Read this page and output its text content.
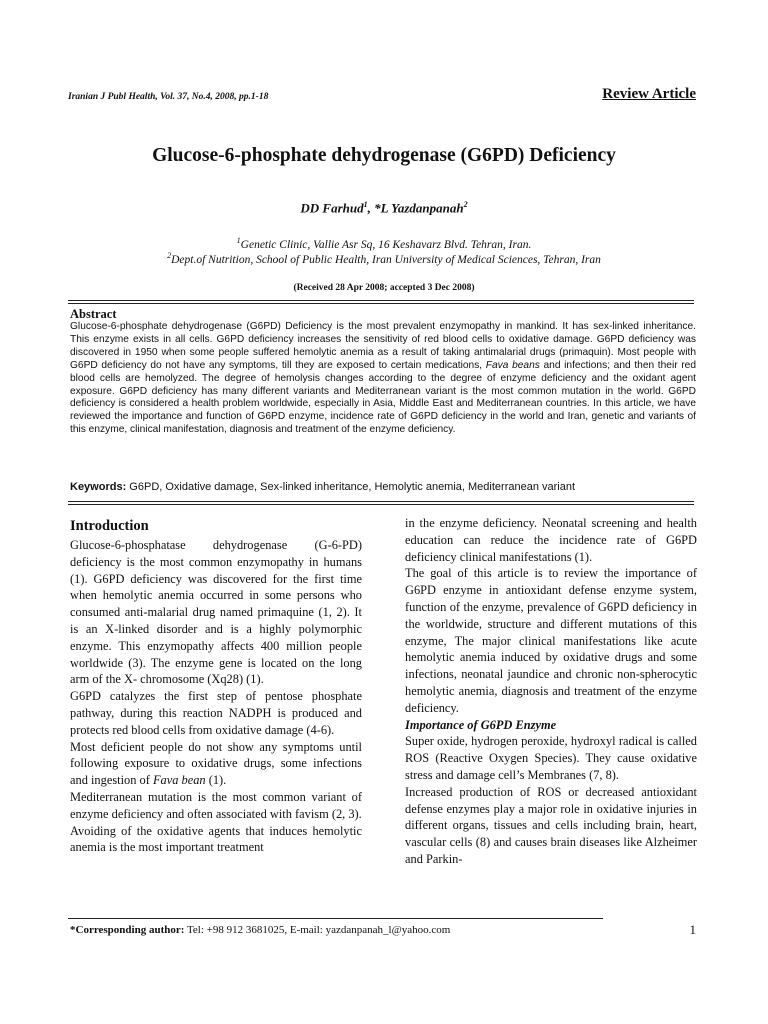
Iranian J Publ Health, Vol. 37, No.4, 2008, pp.1-18	Review Article
Glucose-6-phosphate dehydrogenase (G6PD) Deficiency
DD Farhud$^1$, *L Yazdanpanah$^2$
$^1$Genetic Clinic, Vallie Asr Sq, 16 Keshavarz Blvd. Tehran, Iran.
$^2$Dept.of Nutrition, School of Public Health, Iran University of Medical Sciences, Tehran, Iran
(Received 28 Apr 2008; accepted 3 Dec 2008)
Abstract
Glucose-6-phosphate dehydrogenase (G6PD) Deficiency is the most prevalent enzymopathy in mankind. It has sex-linked inheritance. This enzyme exists in all cells. G6PD deficiency increases the sensitivity of red blood cells to oxidative damage. G6PD deficiency was discovered in 1950 when some people suffered hemolytic anemia as a result of taking antimalarial drugs (primaquin). Most people with G6PD deficiency do not have any symptoms, till they are exposed to certain medications, Fava beans and infections; and then their red blood cells are hemolyzed. The degree of hemolysis changes according to the degree of enzyme deficiency and the oxidant agent exposure. G6PD deficiency has many different variants and Mediterranean variant is the most common mutation in the world. G6PD deficiency is considered a health problem worldwide, especially in Asia, Middle East and Mediterranean countries. In this article, we have reviewed the importance and function of G6PD enzyme, incidence rate of G6PD deficiency in the world and Iran, genetic and variants of this enzyme, clinical manifestation, diagnosis and treatment of the enzyme deficiency.
Keywords: G6PD, Oxidative damage, Sex-linked inheritance, Hemolytic anemia, Mediterranean variant
Introduction

Glucose-6-phosphatase dehydrogenase (G-6-PD) deficiency is the most common enzymopathy in humans (1). G6PD deficiency was discovered for the first time when hemolytic anemia occurred in some persons who consumed anti-malarial drug named primaquine (1, 2). It is an X-linked disorder and is a highly polymorphic enzyme. This enzymopathy affects 400 million people worldwide (3). The enzyme gene is located on the long arm of the X- chromosome (Xq28) (1).

G6PD catalyzes the first step of pentose phosphate pathway, during this reaction NADPH is produced and protects red blood cells from oxidative damage (4-6).

Most deficient people do not show any symptoms until following exposure to oxidative drugs, some infections and ingestion of Fava bean (1).

Mediterranean mutation is the most common variant of enzyme deficiency and often associated with favism (2, 3).

Avoiding of the oxidative agents that induces hemolytic anemia is the most important treatment

in the enzyme deficiency. Neonatal screening and health education can reduce the incidence rate of G6PD deficiency clinical manifestations (1).

The goal of this article is to review the importance of G6PD enzyme in antioxidant defense enzyme system, function of the enzyme, prevalence of G6PD deficiency in the worldwide, structure and different mutations of this enzyme, The major clinical manifestations like acute hemolytic anemia induced by oxidative drugs and some infections, neonatal jaundice and chronic non-spherocytic hemolytic anemia, diagnosis and treatment of the enzyme deficiency.

Importance of G6PD Enzyme

Super oxide, hydrogen peroxide, hydroxyl radical is called ROS (Reactive Oxygen Species). They cause oxidative stress and damage cell’s Membranes (7, 8).

Increased production of ROS or decreased antioxidant defense enzymes play a major role in oxidative injuries in different organs, tissues and cells including brain, heart, vascular cells (8) and causes brain diseases like Alzheimer and Parkin-

*Corresponding author: Tel: +98 912 3681025, E-mail: yazdanpanah_l@yahoo.com	1
